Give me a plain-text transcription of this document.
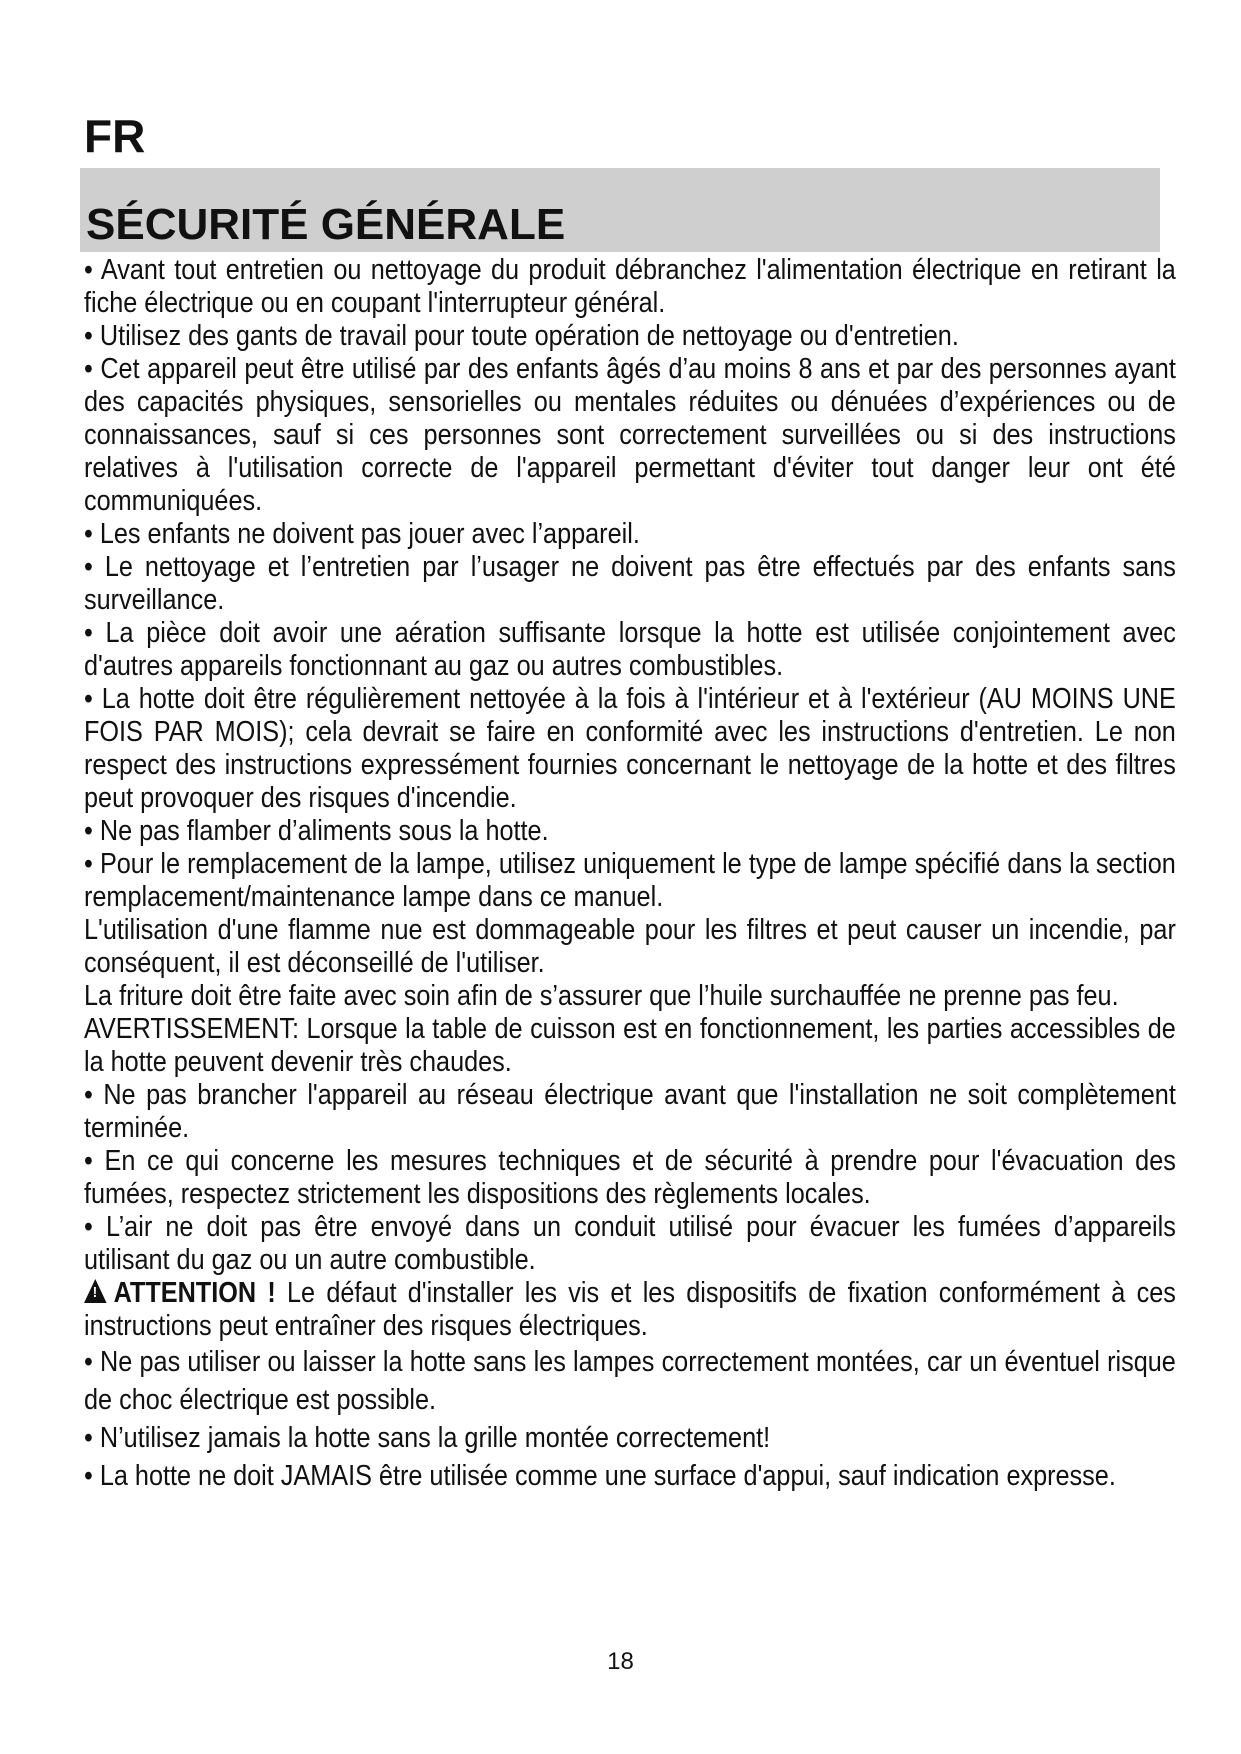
FR
SÉCURITÉ GÉNÉRALE

• Avant tout entretien ou nettoyage du produit débranchez l'alimentation électrique en retirant la fiche électrique ou en coupant l'interrupteur général.

• Utilisez des gants de travail pour toute opération de nettoyage ou d'entretien.

• Cet appareil peut être utilisé par des enfants âgés d’au moins 8 ans et par des personnes ayant des capacités physiques, sensorielles ou mentales réduites ou dénuées d’expériences ou de connaissances, sauf si ces personnes sont correctement surveillées ou si des instructions relatives à l'utilisation correcte de l'appareil permettant d'éviter tout danger leur ont été communiquées.

• Les enfants ne doivent pas jouer avec l’appareil.

• Le nettoyage et l’entretien par l’usager ne doivent pas être effectués par des enfants sans surveillance.

• La pièce doit avoir une aération suffisante lorsque la hotte est utilisée conjointement avec d'autres appareils fonctionnant au gaz ou autres combustibles.

• La hotte doit être régulièrement nettoyée à la fois à l'intérieur et à l'extérieur (AU MOINS UNE FOIS PAR MOIS); cela devrait se faire en conformité avec les instructions d'entretien. Le non respect des instructions expressément fournies concernant le nettoyage de la hotte et des filtres peut provoquer des risques d'incendie.

• Ne pas flamber d’aliments sous la hotte.

• Pour le remplacement de la lampe, utilisez uniquement le type de lampe spécifié dans la section remplacement/maintenance lampe dans ce manuel.

L'utilisation d'une flamme nue est dommageable pour les filtres et peut causer un incendie, par conséquent, il est déconseillé de l'utiliser.

La friture doit être faite avec soin afin de s’assurer que l’huile surchauffée ne prenne pas feu.

AVERTISSEMENT: Lorsque la table de cuisson est en fonctionnement, les parties accessibles de la hotte peuvent devenir très chaudes.

• Ne pas brancher l'appareil au réseau électrique avant que l'installation ne soit complètement terminée.

• En ce qui concerne les mesures techniques et de sécurité à prendre pour l'évacuation des fumées, respectez strictement les dispositions des règlements locales.

• L’air ne doit pas être envoyé dans un conduit utilisé pour évacuer les fumées d’appareils utilisant du gaz ou un autre combustible.

!ATTENTION ! Le défaut d'installer les vis et les dispositifs de fixation conformément à ces instructions peut entraîner des risques électriques.

• Ne pas utiliser ou laisser la hotte sans les lampes correctement montées, car un éventuel risque de choc électrique est possible.

• N’utilisez jamais la hotte sans la grille montée correctement!

• La hotte ne doit JAMAIS être utilisée comme une surface d'appui, sauf indication expresse.

18
